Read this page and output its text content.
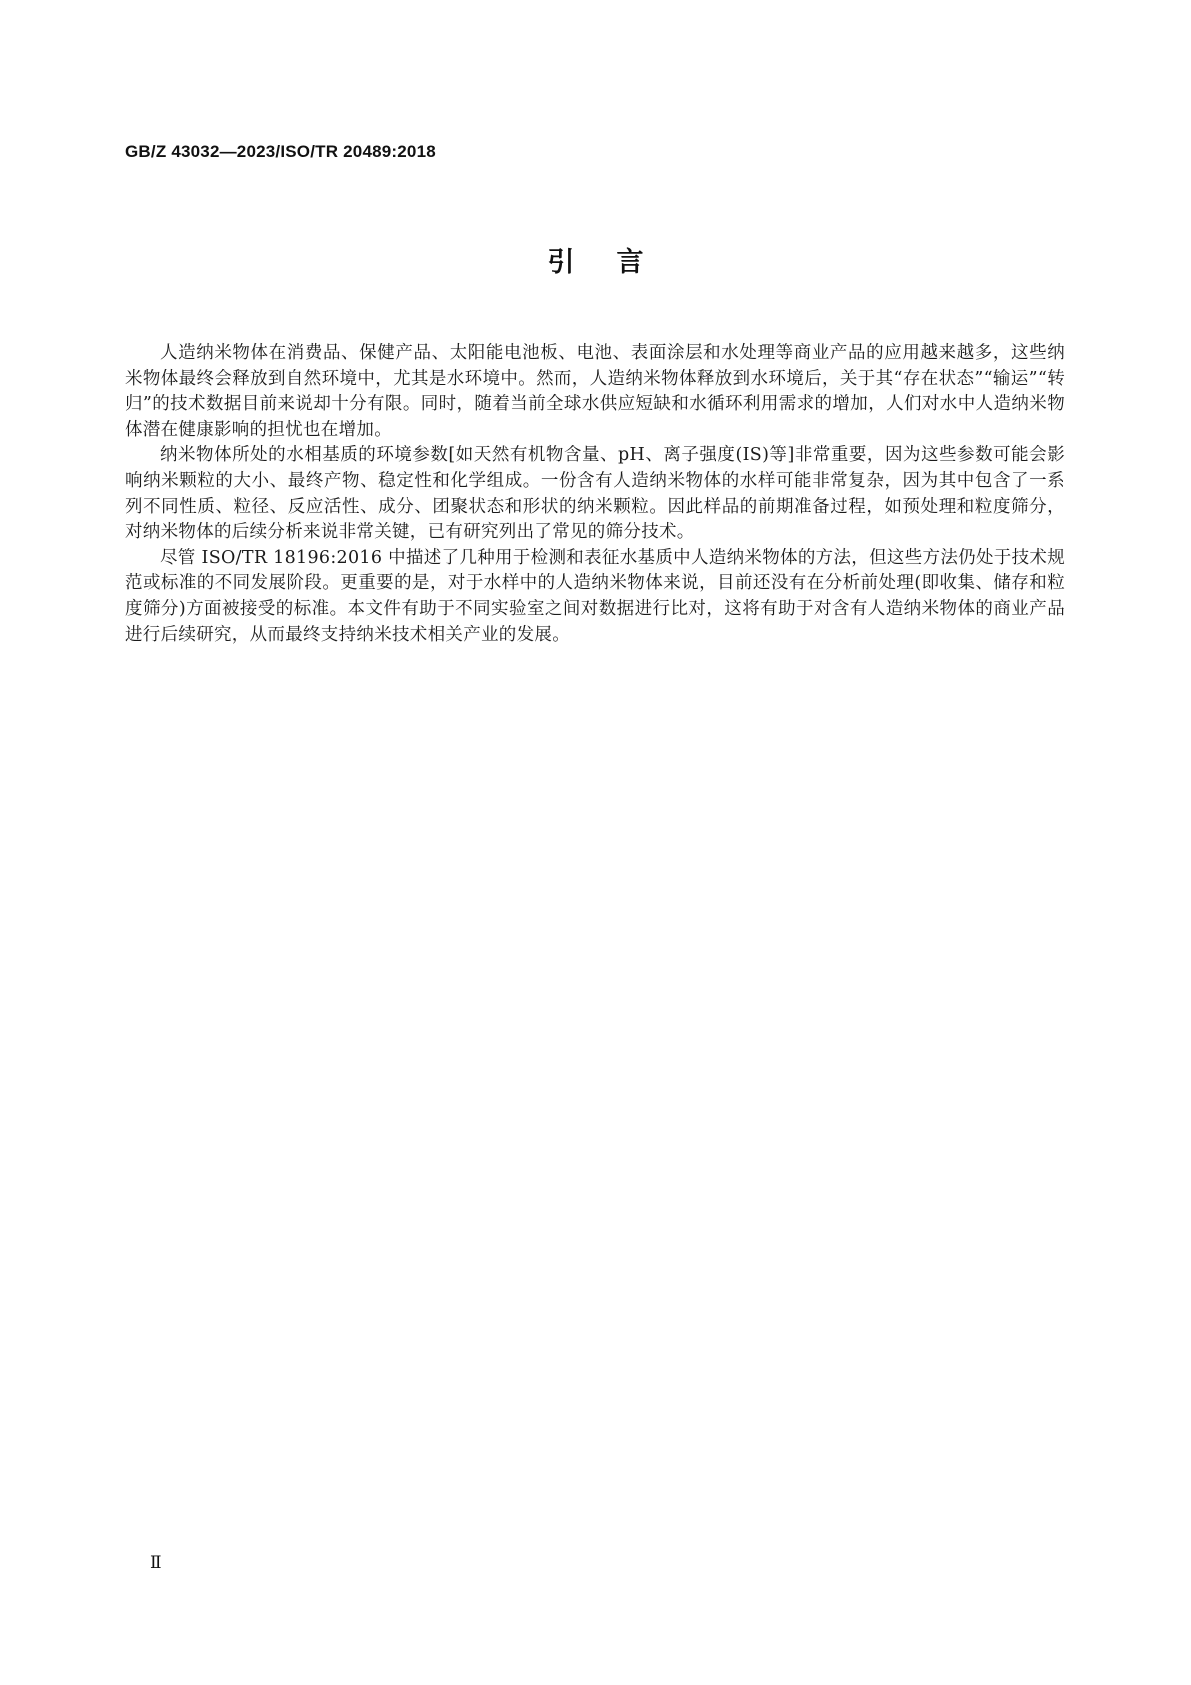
GB/Z 43032—2023/ISO/TR 20489:2018
引言

人造纳米物体在消费品、保健产品、太阳能电池板、电池、表面涂层和水处理等商业产品的应用越来越多，这些纳米物体最终会释放到自然环境中，尤其是水环境中。然而，人造纳米物体释放到水环境后，关于其“存在状态”“输运”“转归”的技术数据目前来说却十分有限。同时，随着当前全球水供应短缺和水循环利用需求的增加，人们对水中人造纳米物体潜在健康影响的担忧也在增加。

纳米物体所处的水相基质的环境参数[如天然有机物含量、pH、离子强度(IS)等]非常重要，因为这些参数可能会影响纳米颗粒的大小、最终产物、稳定性和化学组成。一份含有人造纳米物体的水样可能非常复杂，因为其中包含了一系列不同性质、粒径、反应活性、成分、团聚状态和形状的纳米颗粒。因此样品的前期准备过程，如预处理和粒度筛分，对纳米物体的后续分析来说非常关键，已有研究列出了常见的筛分技术。

尽管 ISO/TR 18196:2016 中描述了几种用于检测和表征水基质中人造纳米物体的方法，但这些方法仍处于技术规范或标准的不同发展阶段。更重要的是，对于水样中的人造纳米物体来说，目前还没有在分析前处理(即收集、储存和粒度筛分)方面被接受的标准。本文件有助于不同实验室之间对数据进行比对，这将有助于对含有人造纳米物体的商业产品进行后续研究，从而最终支持纳米技术相关产业的发展。

Ⅱ
